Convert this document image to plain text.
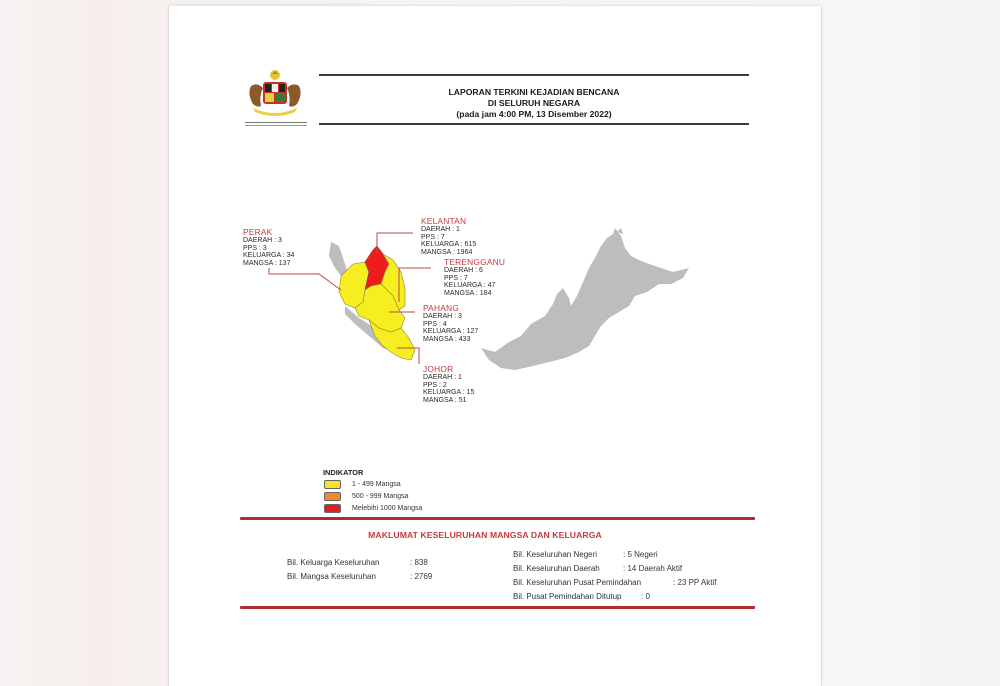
LAPORAN TERKINI KEJADIAN BENCANA
DI SELURUH NEGARA
(pada jam 4:00 PM, 13 Disember 2022)
PERAK
DAERAH : 3
PPS : 3
KELUARGA : 34
MANGSA : 137
KELANTAN
DAERAH : 1
PPS : 7
KELUARGA : 615
MANGSA : 1964
TERENGGANU
DAERAH : 6
PPS : 7
KELUARGA : 47
MANGSA : 184
PAHANG
DAERAH : 3
PPS : 4
KELUARGA : 127
MANGSA : 433
JOHOR
DAERAH : 1
PPS : 2
KELUARGA : 15
MANGSA : 51
INDIKATOR
1 - 499 Mangsa
500 - 999 Mangsa
Melebihi 1000 Mangsa
MAKLUMAT KESELURUHAN MANGSA DAN KELUARGA
Bil. Keluarga Keseluruhan	: 838
Bil. Mangsa Keseluruhan	: 2769
Bil. Keseluruhan Negeri	: 5 Negeri
Bil. Keseluruhan Daerah	: 14 Daerah Aktif
Bil. Keseluruhan Pusat Pemindahan	: 23 PP Aktif
Bil. Pusat Pemindahan Ditutup : 0
